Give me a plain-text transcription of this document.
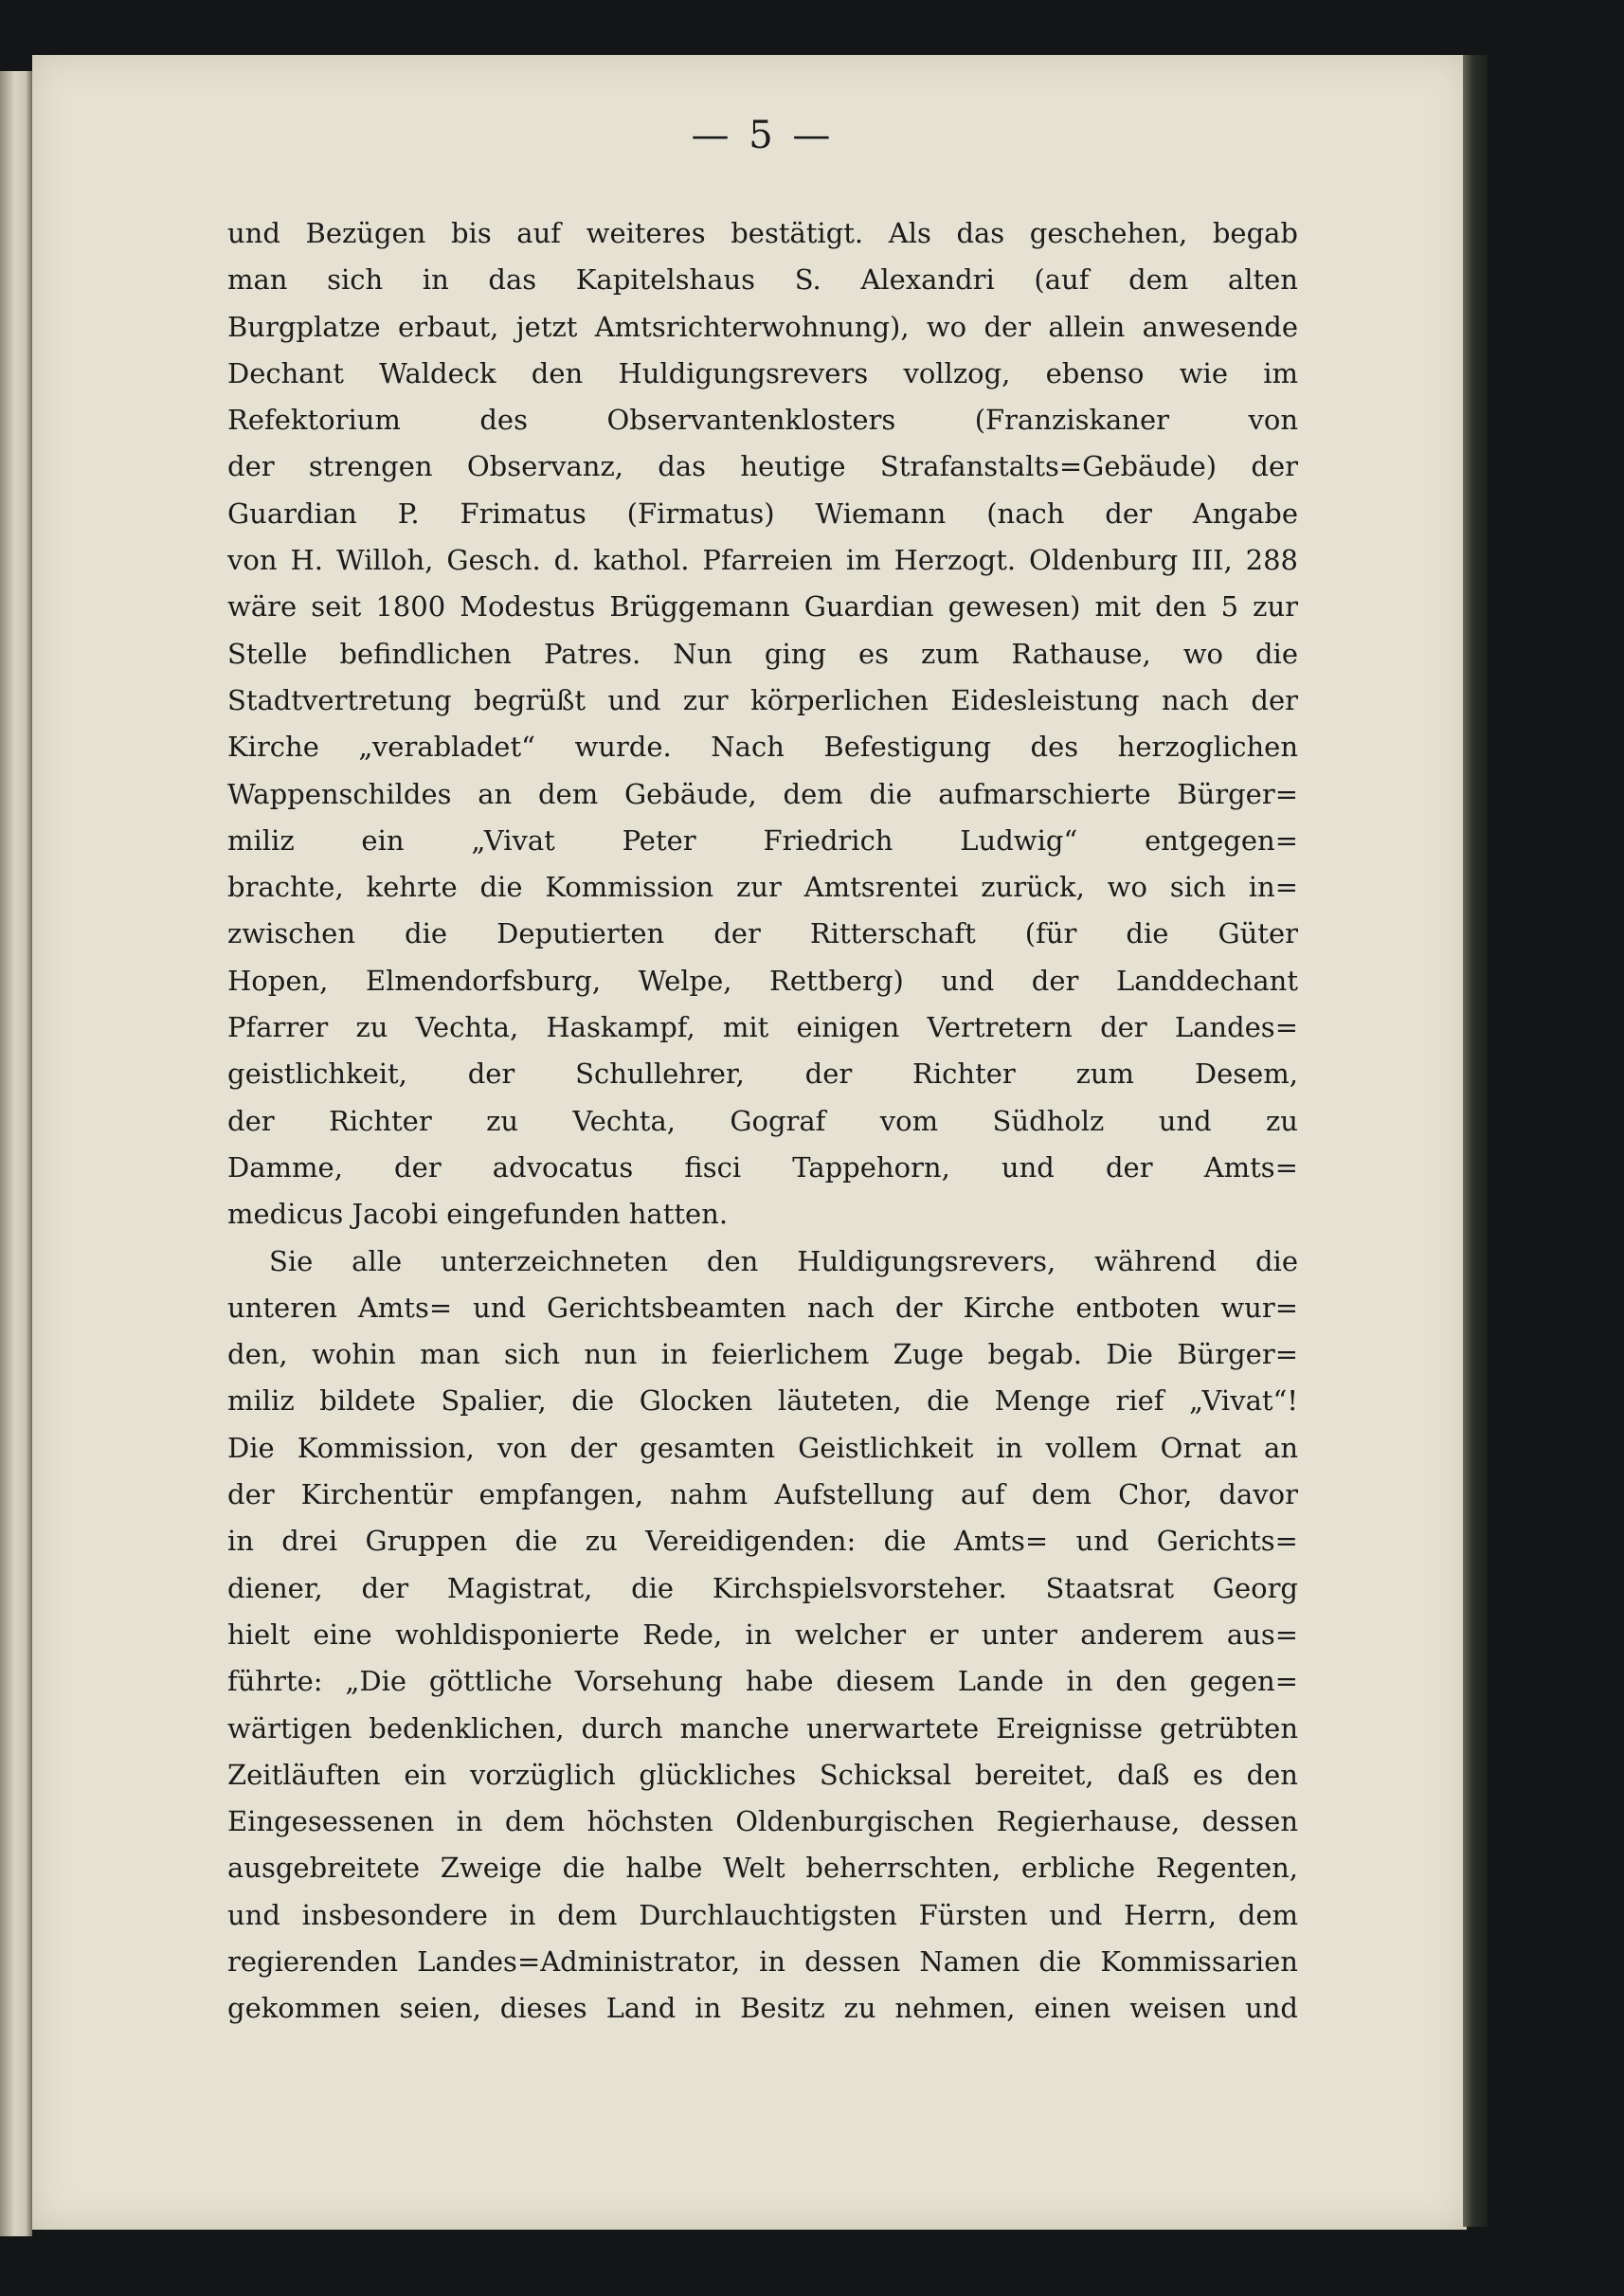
— 5 —
und Bezügen bis auf weiteres bestätigt. Als das geschehen, begab
man sich in das Kapitelshaus S. Alexandri (auf dem alten
Burgplatze erbaut, jetzt Amtsrichterwohnung), wo der allein anwesende
Dechant Waldeck den Huldigungsrevers vollzog, ebenso wie im
Refektorium des Observantenklosters (Franziskaner von
der strengen Observanz, das heutige Strafanstalts=Gebäude) der
Guardian P. Frimatus (Firmatus) Wiemann (nach der Angabe
von H. Willoh, Gesch. d. kathol. Pfarreien im Herzogt. Oldenburg III, 288
wäre seit 1800 Modestus Brüggemann Guardian gewesen) mit den 5 zur
Stelle befindlichen Patres. Nun ging es zum Rathause, wo die
Stadtvertretung begrüßt und zur körperlichen Eidesleistung nach der
Kirche „verabladet“ wurde. Nach Befestigung des herzoglichen
Wappenschildes an dem Gebäude, dem die aufmarschierte Bürger=
miliz ein „Vivat Peter Friedrich Ludwig“ entgegen=
brachte, kehrte die Kommission zur Amtsrentei zurück, wo sich in=
zwischen die Deputierten der Ritterschaft (für die Güter
Hopen, Elmendorfsburg, Welpe, Rettberg) und der Landdechant
Pfarrer zu Vechta, Haskampf, mit einigen Vertretern der Landes=
geistlichkeit, der Schullehrer, der Richter zum Desem,
der Richter zu Vechta, Gograf vom Südholz und zu
Damme, der advocatus fisci Tappehorn, und der Amts=
medicus Jacobi eingefunden hatten.
Sie alle unterzeichneten den Huldigungsrevers, während die
unteren Amts= und Gerichtsbeamten nach der Kirche entboten wur=
den, wohin man sich nun in feierlichem Zuge begab. Die Bürger=
miliz bildete Spalier, die Glocken läuteten, die Menge rief „Vivat“!
Die Kommission, von der gesamten Geistlichkeit in vollem Ornat an
der Kirchentür empfangen, nahm Aufstellung auf dem Chor, davor
in drei Gruppen die zu Vereidigenden: die Amts= und Gerichts=
diener, der Magistrat, die Kirchspielsvorsteher. Staatsrat Georg
hielt eine wohldisponierte Rede, in welcher er unter anderem aus=
führte: „Die göttliche Vorsehung habe diesem Lande in den gegen=
wärtigen bedenklichen, durch manche unerwartete Ereignisse getrübten
Zeitläuften ein vorzüglich glückliches Schicksal bereitet, daß es den
Eingesessenen in dem höchsten Oldenburgischen Regierhause, dessen
ausgebreitete Zweige die halbe Welt beherrschten, erbliche Regenten,
und insbesondere in dem Durchlauchtigsten Fürsten und Herrn, dem
regierenden Landes=Administrator, in dessen Namen die Kommissarien
gekommen seien, dieses Land in Besitz zu nehmen, einen weisen und
